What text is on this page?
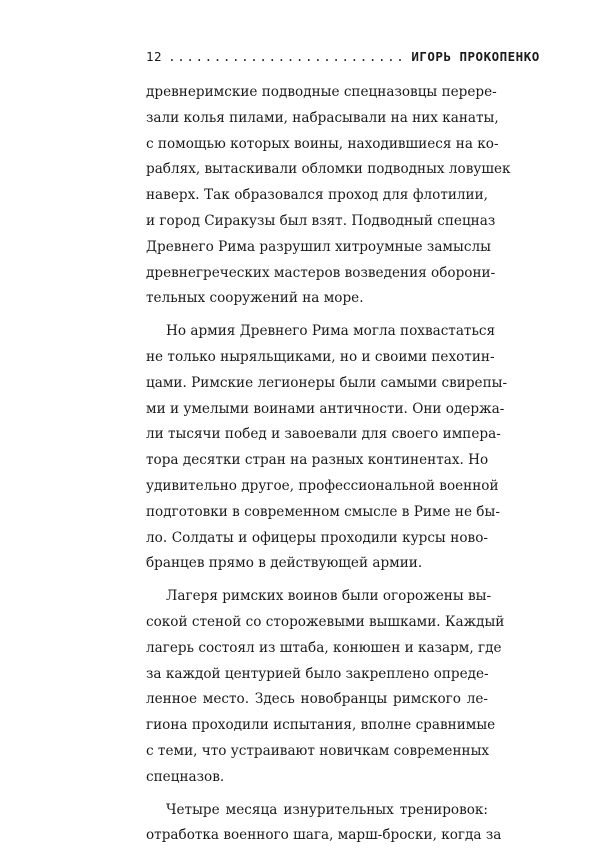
12 .......................... ИГОРЬ ПРОКОПЕНКО

древнеримские подводные спецназовцы перере-
зали колья пилами, набрасывали на них канаты,
с помощью которых воины, находившиеся на ко-
раблях, вытаскивали обломки подводных ловушек
наверх. Так образовался проход для флотилии,
и город Сиракузы был взят. Подводный спецназ
Древнего Рима разрушил хитроумные замыслы
древнегреческих мастеров возведения оборони-
тельных сооружений на море.

Но армия Древнего Рима могла похвастаться
не только ныряльщиками, но и своими пехотин-
цами. Римские легионеры были самыми свирепы-
ми и умелыми воинами античности. Они одержа-
ли тысячи побед и завоевали для своего импера-
тора десятки стран на разных континентах. Но
удивительно другое, профессиональной военной
подготовки в современном смысле в Риме не бы-
ло. Солдаты и офицеры проходили курсы ново-
бранцев прямо в действующей армии.

Лагеря римских воинов были огорожены вы-
сокой стеной со сторожевыми вышками. Каждый
лагерь состоял из штаба, конюшен и казарм, где
за каждой центурией было закреплено опреде-
ленное место. Здесь новобранцы римского ле-
гиона проходили испытания, вполне сравнимые
с теми, что устраивают новичкам современных
спецназов.

Четыре месяца изнурительных тренировок:
отработка военного шага, марш-броски, когда за
